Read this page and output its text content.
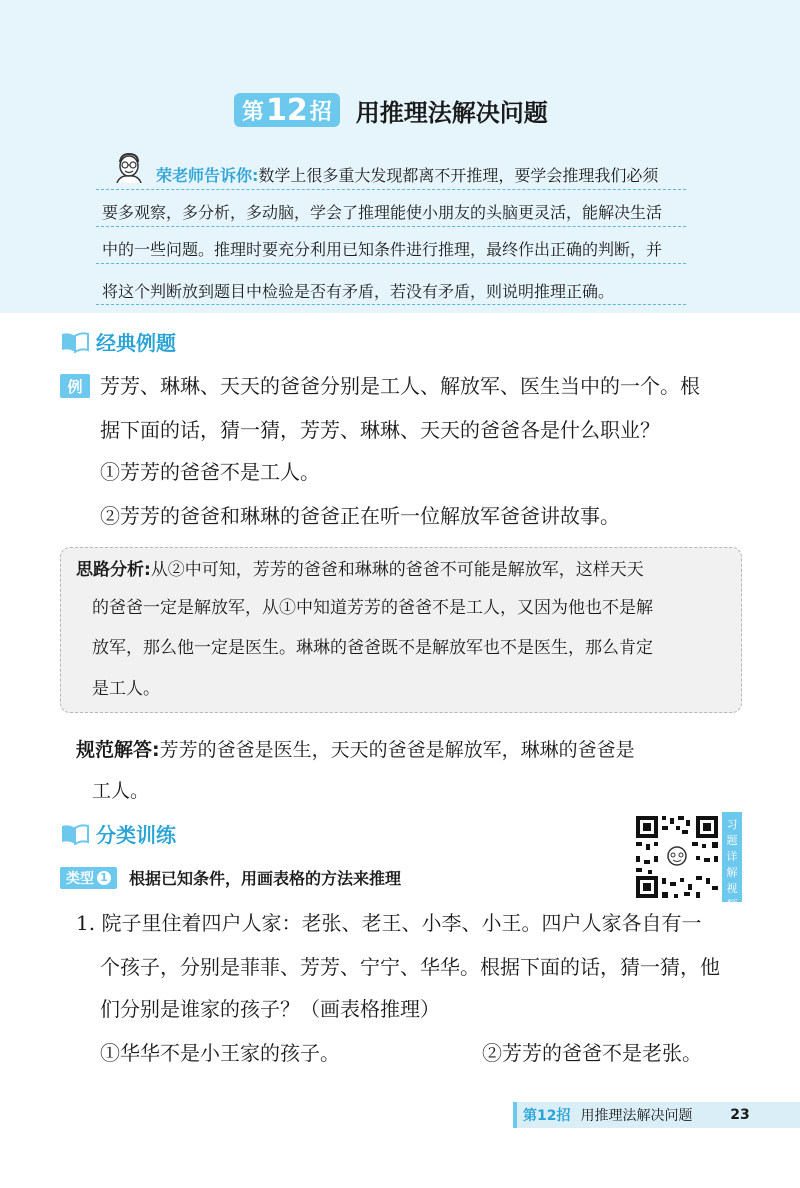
第 12 招 用推理法解决问题
荣老师告诉你:数学上很多重大发现都离不开推理，要学会推理我们必须
要多观察，多分析，多动脑，学会了推理能使小朋友的头脑更灵活，能解决生活
中的一些问题。推理时要充分利用已知条件进行推理，最终作出正确的判断，并
将这个判断放到题目中检验是否有矛盾，若没有矛盾，则说明推理正确。
经典例题
例 芳芳、琳琳、天天的爸爸分别是工人、解放军、医生当中的一个。根
据下面的话，猜一猜，芳芳、琳琳、天天的爸爸各是什么职业？
①芳芳的爸爸不是工人。
②芳芳的爸爸和琳琳的爸爸正在听一位解放军爸爸讲故事。
思路分析:从②中可知，芳芳的爸爸和琳琳的爸爸不可能是解放军，这样天天
的爸爸一定是解放军，从①中知道芳芳的爸爸不是工人，又因为他也不是解
放军，那么他一定是医生。琳琳的爸爸既不是解放军也不是医生，那么肯定
是工人。
规范解答:芳芳的爸爸是医生，天天的爸爸是解放军，琳琳的爸爸是
工人。
分类训练	习
题
详
解
视
频
类型 1 根据已知条件，用画表格的方法来推理
1. 院子里住着四户人家：老张、老王、小李、小王。四户人家各自有一
个孩子，分别是菲菲、芳芳、宁宁、华华。根据下面的话，猜一猜，他
们分别是谁家的孩子？（画表格推理）
①华华不是小王家的孩子。	②芳芳的爸爸不是老张。
第12招 用推理法解决问题	23
